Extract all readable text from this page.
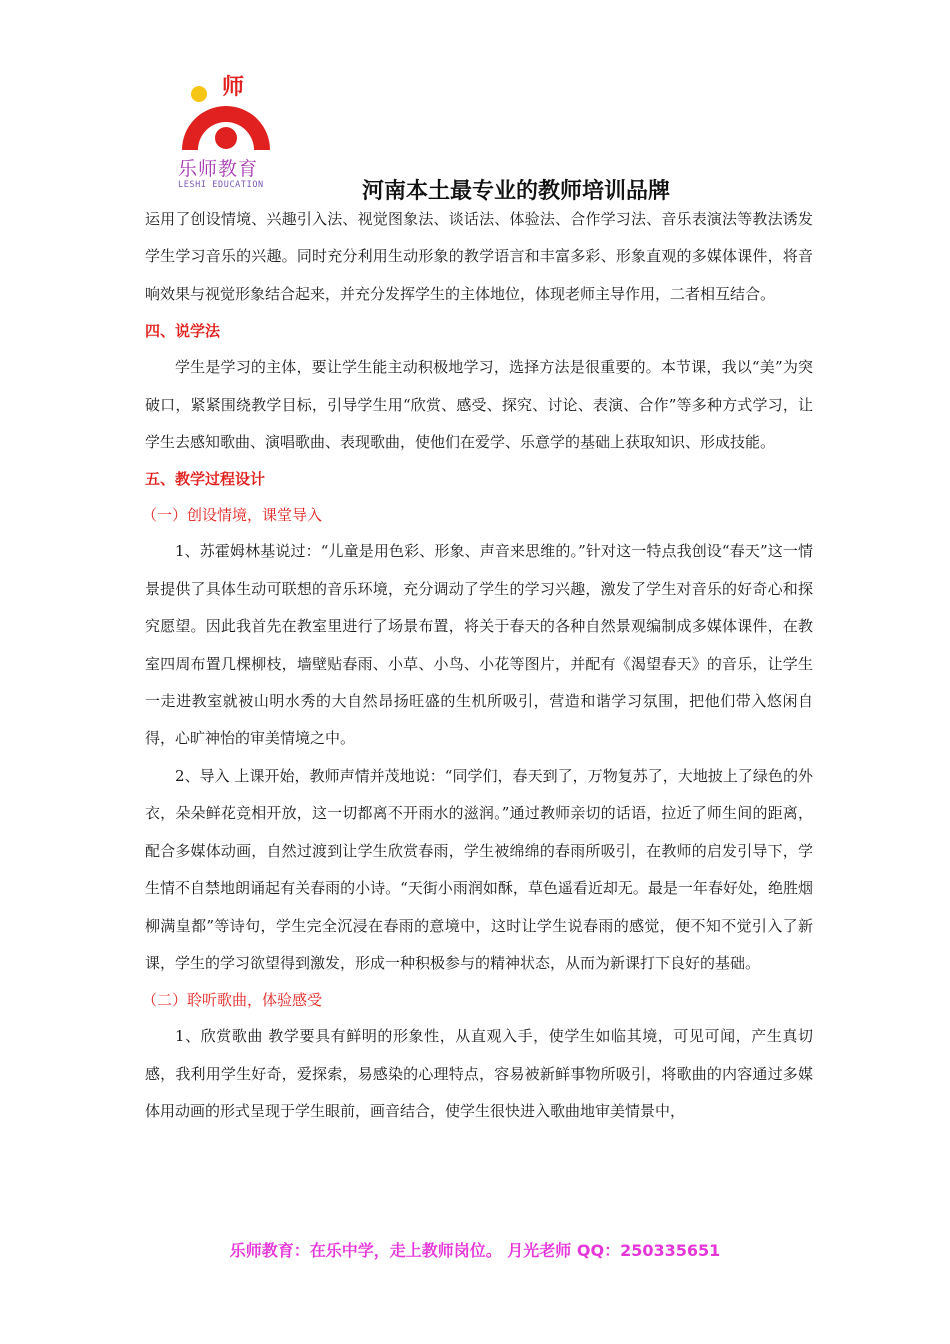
师
乐师教育
LESHI EDUCATION	河南本土最专业的教师培训品牌

运用了创设情境、兴趣引入法、视觉图象法、谈话法、体验法、合作学习法、音乐表演法等教法诱发学生学习音乐的兴趣。同时充分利用生动形象的教学语言和丰富多彩、形象直观的多媒体课件，将音响效果与视觉形象结合起来，并充分发挥学生的主体地位，体现老师主导作用，二者相互结合。

四、说学法

学生是学习的主体，要让学生能主动积极地学习，选择方法是很重要的。本节课，我以“美”为突破口，紧紧围绕教学目标，引导学生用“欣赏、感受、探究、讨论、表演、合作”等多种方式学习，让学生去感知歌曲、演唱歌曲、表现歌曲，使他们在爱学、乐意学的基础上获取知识、形成技能。

五、教学过程设计

（一）创设情境，课堂导入

1、苏霍姆林基说过：“儿童是用色彩、形象、声音来思维的。”针对这一特点我创设“春天”这一情景提供了具体生动可联想的音乐环境，充分调动了学生的学习兴趣，激发了学生对音乐的好奇心和探究愿望。因此我首先在教室里进行了场景布置，将关于春天的各种自然景观编制成多媒体课件，在教室四周布置几棵柳枝，墙壁贴春雨、小草、小鸟、小花等图片，并配有《渴望春天》的音乐，让学生一走进教室就被山明水秀的大自然昂扬旺盛的生机所吸引，营造和谐学习氛围，把他们带入悠闲自得，心旷神怡的审美情境之中。

2、导入 上课开始，教师声情并茂地说：“同学们，春天到了，万物复苏了，大地披上了绿色的外衣，朵朵鲜花竞相开放，这一切都离不开雨水的滋润。”通过教师亲切的话语，拉近了师生间的距离，配合多媒体动画，自然过渡到让学生欣赏春雨，学生被绵绵的春雨所吸引，在教师的启发引导下，学生情不自禁地朗诵起有关春雨的小诗。“天街小雨润如酥，草色遥看近却无。最是一年春好处，绝胜烟柳满皇都”等诗句，学生完全沉浸在春雨的意境中，这时让学生说春雨的感觉，便不知不觉引入了新课，学生的学习欲望得到激发，形成一种积极参与的精神状态，从而为新课打下良好的基础。

（二）聆听歌曲，体验感受

1、欣赏歌曲 教学要具有鲜明的形象性，从直观入手，使学生如临其境，可见可闻，产生真切感，我利用学生好奇，爱探索，易感染的心理特点，容易被新鲜事物所吸引，将歌曲的内容通过多媒体用动画的形式呈现于学生眼前，画音结合，使学生很快进入歌曲地审美情景中，

乐师教育：在乐中学，走上教师岗位。 月光老师 QQ：250335651
